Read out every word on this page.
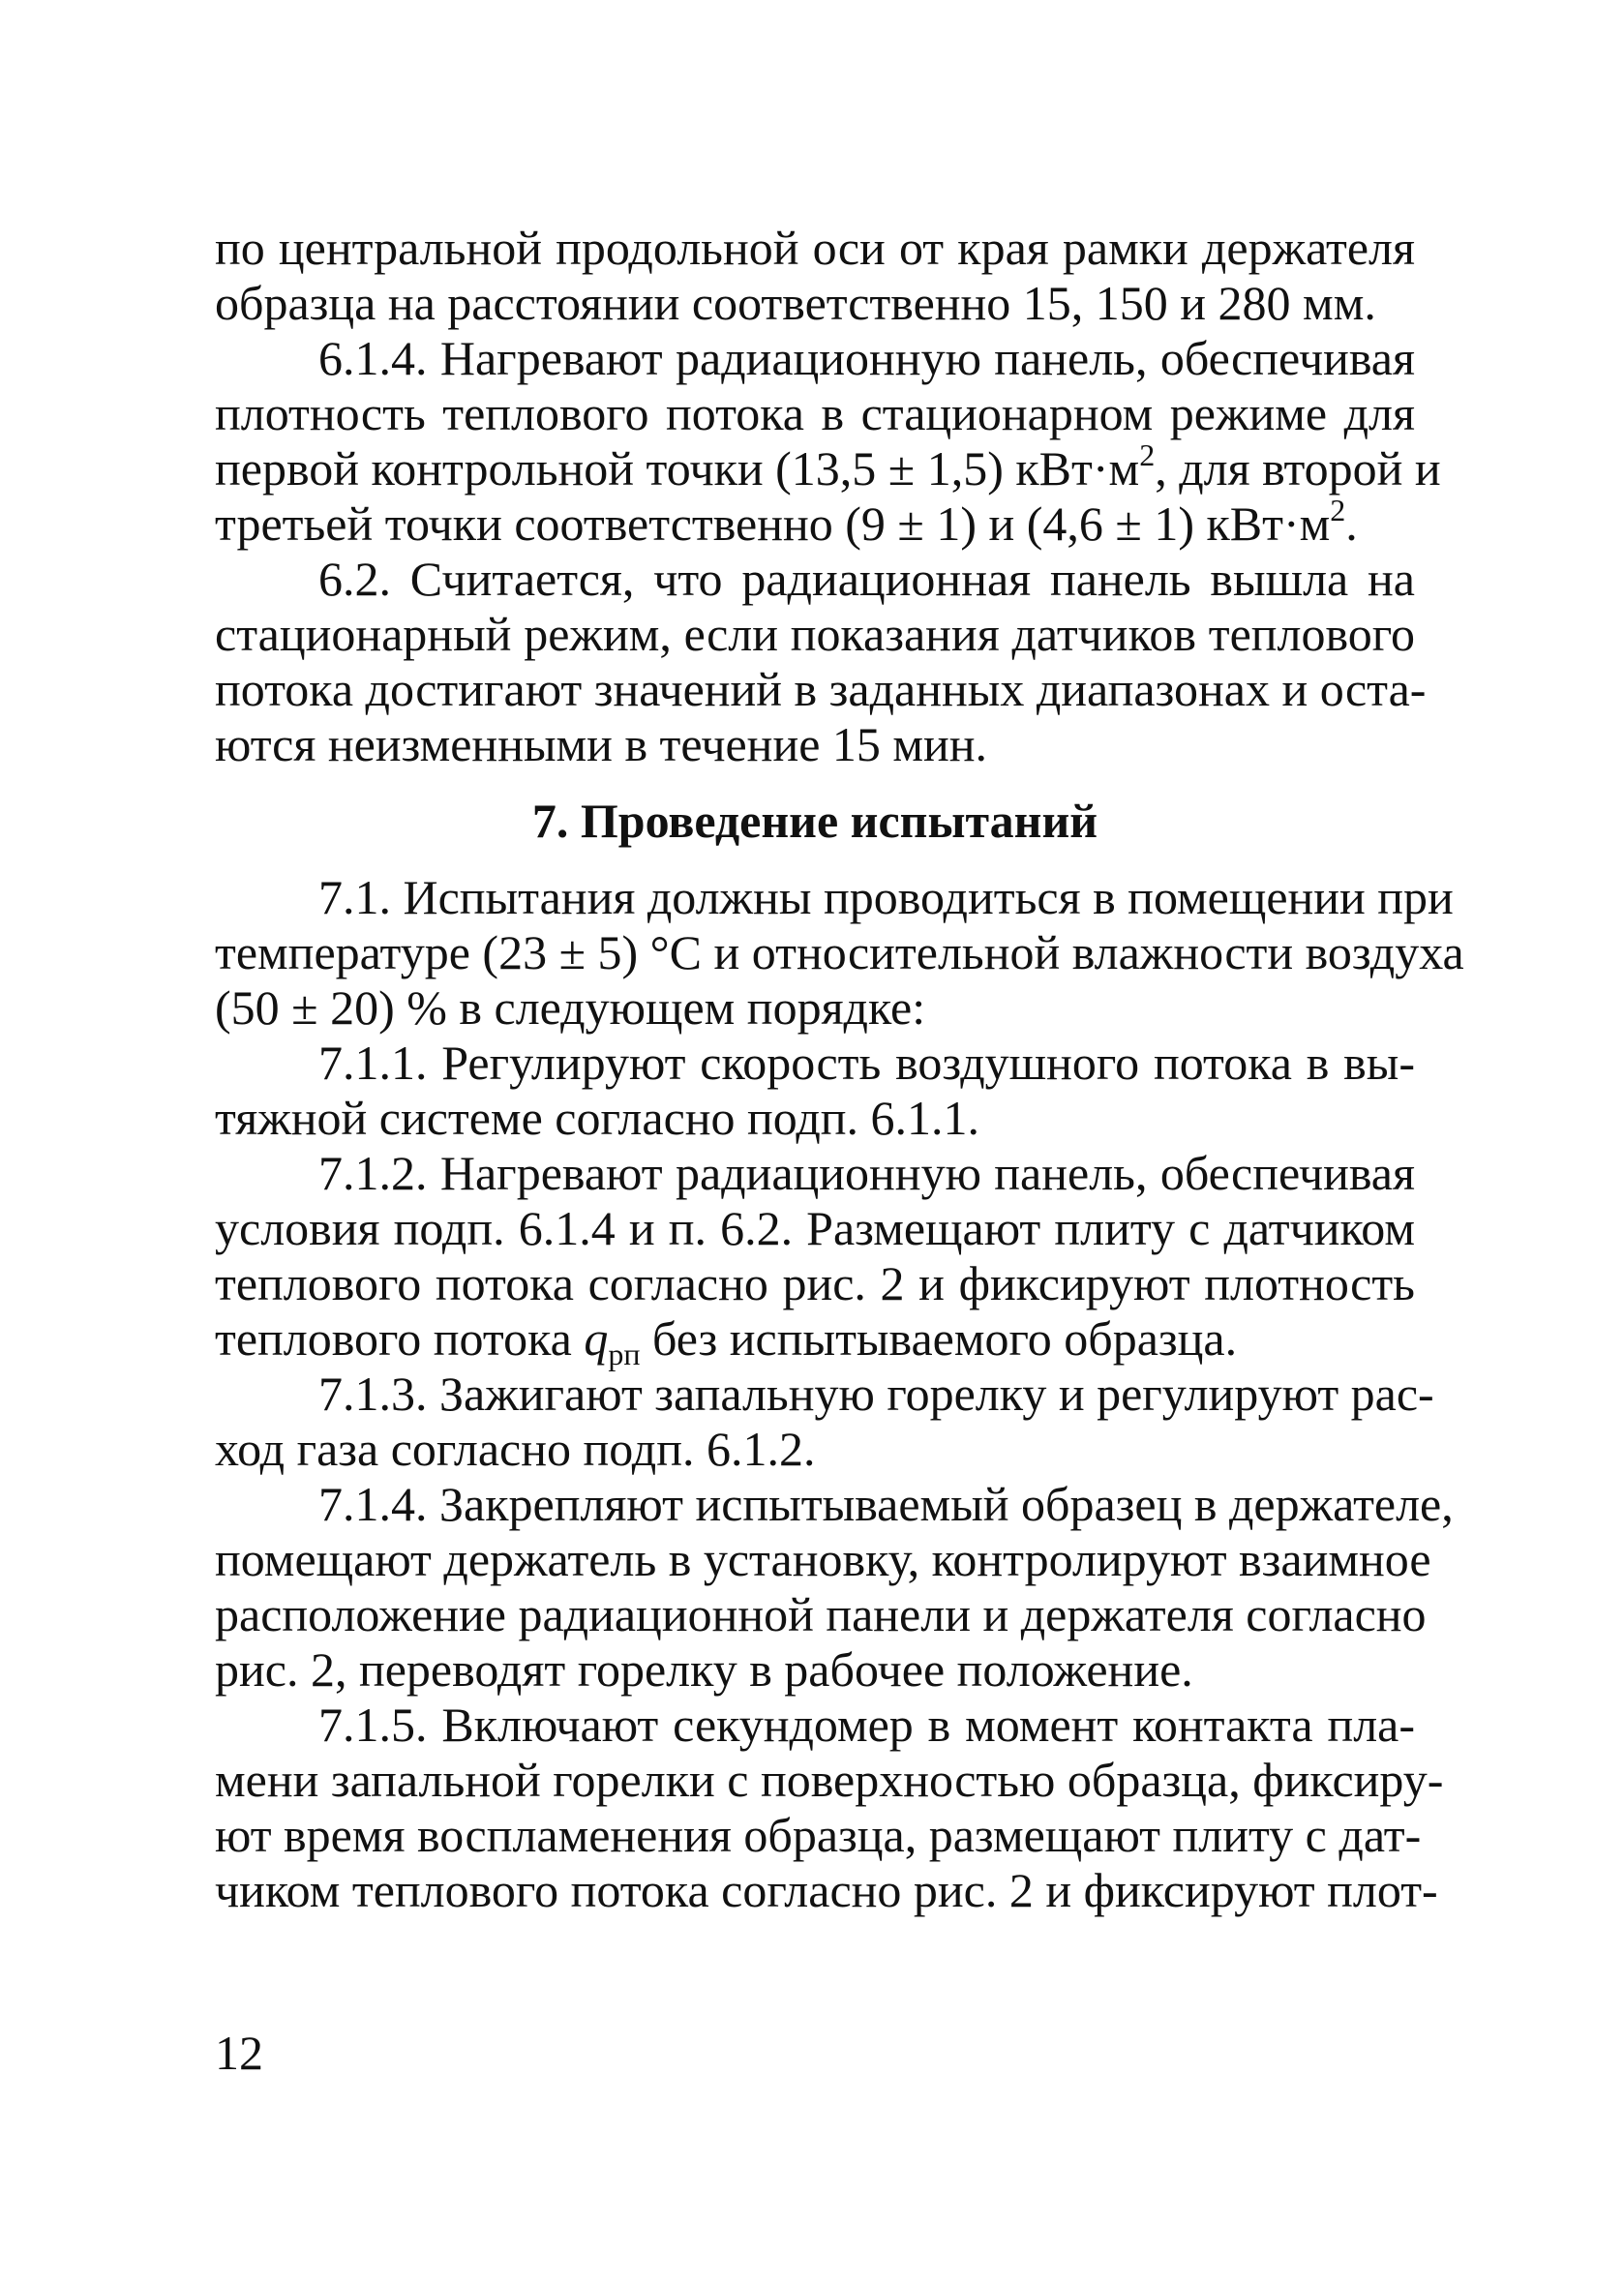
по центральной продольной оси от края рамки держателя
образца на расстоянии соответственно 15, 150 и 280 мм.
6.1.4. Нагревают радиационную панель, обеспечивая
плотность теплового потока в стационарном режиме для
первой контрольной точки (13,5 ± 1,5) $кВт\cdot м^2$, для второй и
третьей точки соответственно (9 ± 1) и (4,6 ± 1) $кВт\cdot м^2$.
6.2. Считается, что радиационная панель вышла на
стационарный режим, если показания датчиков теплового
потока достигают значений в заданных диапазонах и оста-
ются неизменными в течение 15 мин.
7. Проведение испытаний
7.1. Испытания должны проводиться в помещении при
температуре (23 ± 5) °С и относительной влажности воздуха
(50 ± 20) % в следующем порядке:
7.1.1. Регулируют скорость воздушного потока в вы-
тяжной системе согласно подп. 6.1.1.
7.1.2. Нагревают радиационную панель, обеспечивая
условия подп. 6.1.4 и п. 6.2. Размещают плиту с датчиком
теплового потока согласно рис. 2 и фиксируют плотность
теплового потока $q_{рп}$ без испытываемого образца.
7.1.3. Зажигают запальную горелку и регулируют рас-
ход газа согласно подп. 6.1.2.
7.1.4. Закрепляют испытываемый образец в держателе,
помещают держатель в установку, контролируют взаимное
расположение радиационной панели и держателя согласно
рис. 2, переводят горелку в рабочее положение.
7.1.5. Включают секундомер в момент контакта пла-
мени запальной горелки с поверхностью образца, фиксиру-
ют время воспламенения образца, размещают плиту с дат-
чиком теплового потока согласно рис. 2 и фиксируют плот-
12
